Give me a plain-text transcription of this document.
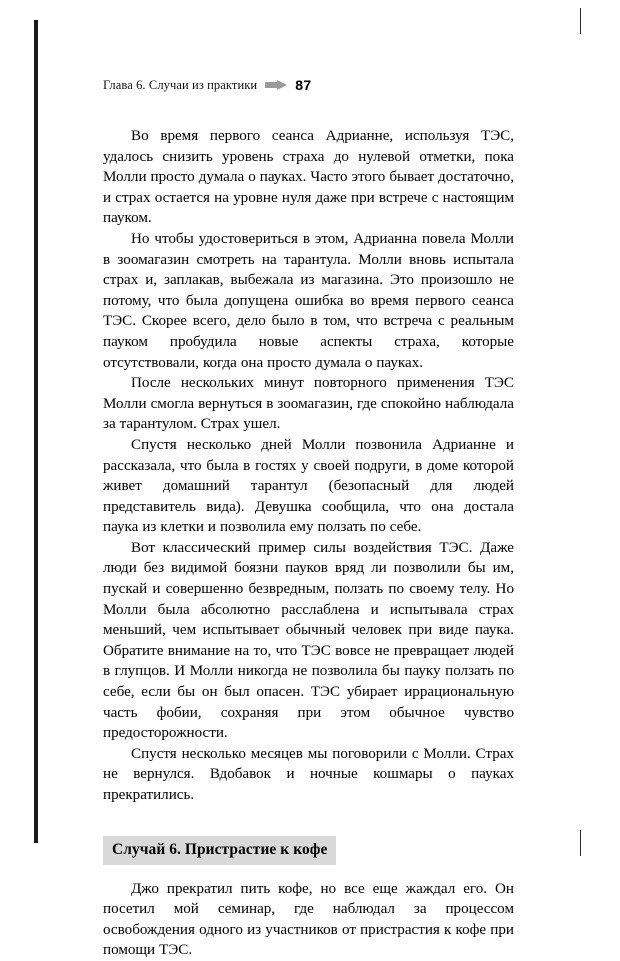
Глава 6. Случаи из практики	87

Во время первого сеанса Адрианне, используя ТЭС, удалось снизить уровень страха до нулевой отметки, пока Молли просто думала о пауках. Часто этого бывает достаточно, и страх остается на уровне нуля даже при встрече с настоящим пауком.

Но чтобы удостовериться в этом, Адрианна повела Молли в зоомагазин смотреть на тарантула. Молли вновь испытала страх и, заплакав, выбежала из магазина. Это произошло не потому, что была допущена ошибка во время первого сеанса ТЭС. Скорее всего, дело было в том, что встреча с реальным пауком пробудила новые аспекты страха, которые отсутствовали, когда она просто думала о пауках.

После нескольких минут повторного применения ТЭС Молли смогла вернуться в зоомагазин, где спокойно наблюдала за тарантулом. Страх ушел.

Спустя несколько дней Молли позвонила Адрианне и рассказала, что была в гостях у своей подруги, в доме которой живет домашний тарантул (безопасный для людей представитель вида). Девушка сообщила, что она достала паука из клетки и позволила ему ползать по себе.

Вот классический пример силы воздействия ТЭС. Даже люди без видимой боязни пауков вряд ли позволили бы им, пускай и совершенно безвредным, ползать по своему телу. Но Молли была абсолютно расслаблена и испытывала страх меньший, чем испытывает обычный человек при виде паука. Обратите внимание на то, что ТЭС вовсе не превращает людей в глупцов. И Молли никогда не позволила бы пауку ползать по себе, если бы он был опасен. ТЭС убирает иррациональную часть фобии, сохраняя при этом обычное чувство предосторожности.

Спустя несколько месяцев мы поговорили с Молли. Страх не вернулся. Вдобавок и ночные кошмары о пауках прекратились.

Случай 6. Пристрастие к кофе

Джо прекратил пить кофе, но все еще жаждал его. Он посетил мой семинар, где наблюдал за процессом освобождения одного из участников от пристрастия к кофе при помощи ТЭС.
